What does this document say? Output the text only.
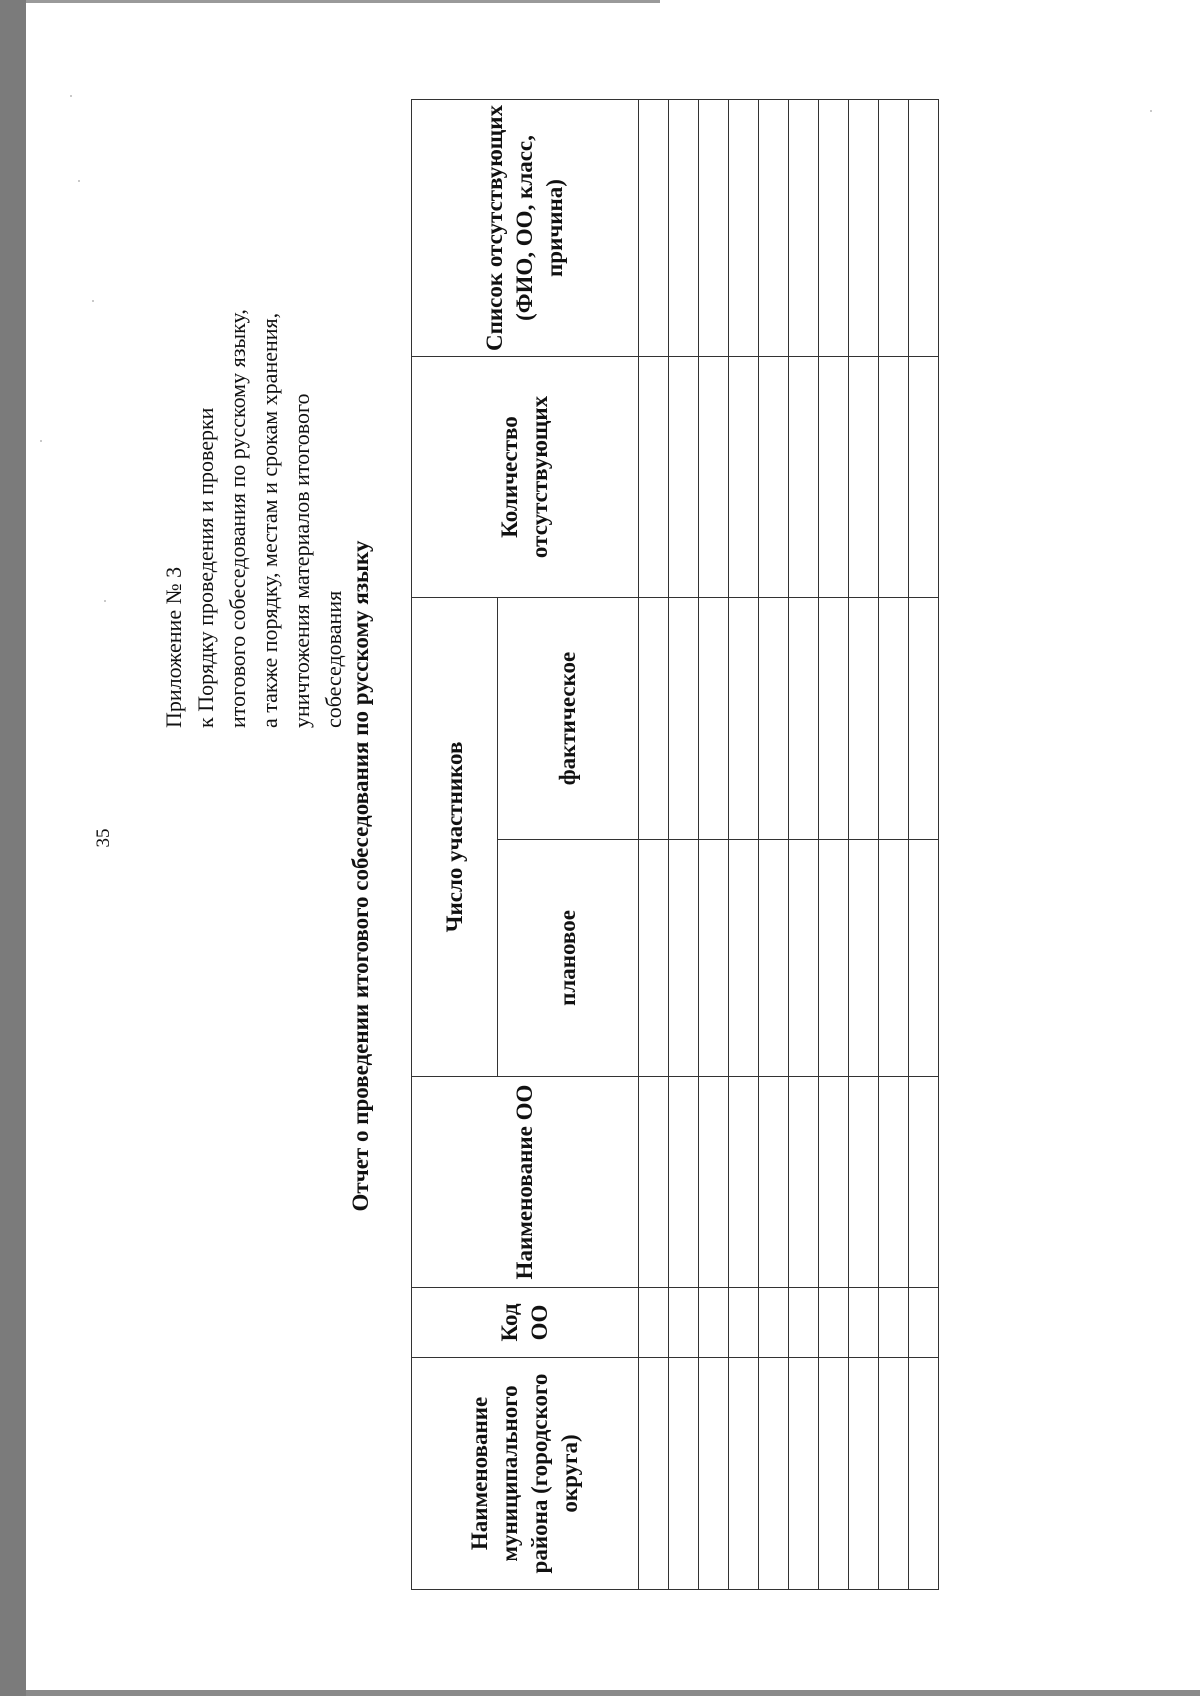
35

Приложение № 3 к Порядку проведения и проверки итогового собеседования по русскому языку, а также порядку, местам и срокам хранения, уничтожения материалов итогового собеседования Отчет о проведении итогового собеседования по русскому языку
Наименование муниципального района (городского округа)	Код ОО	Наименование ОО	Число участников		Количество отсутствующих	Список отсутствующих (ФИО, ОО, класс, причина)
			плановое	фактическое		
